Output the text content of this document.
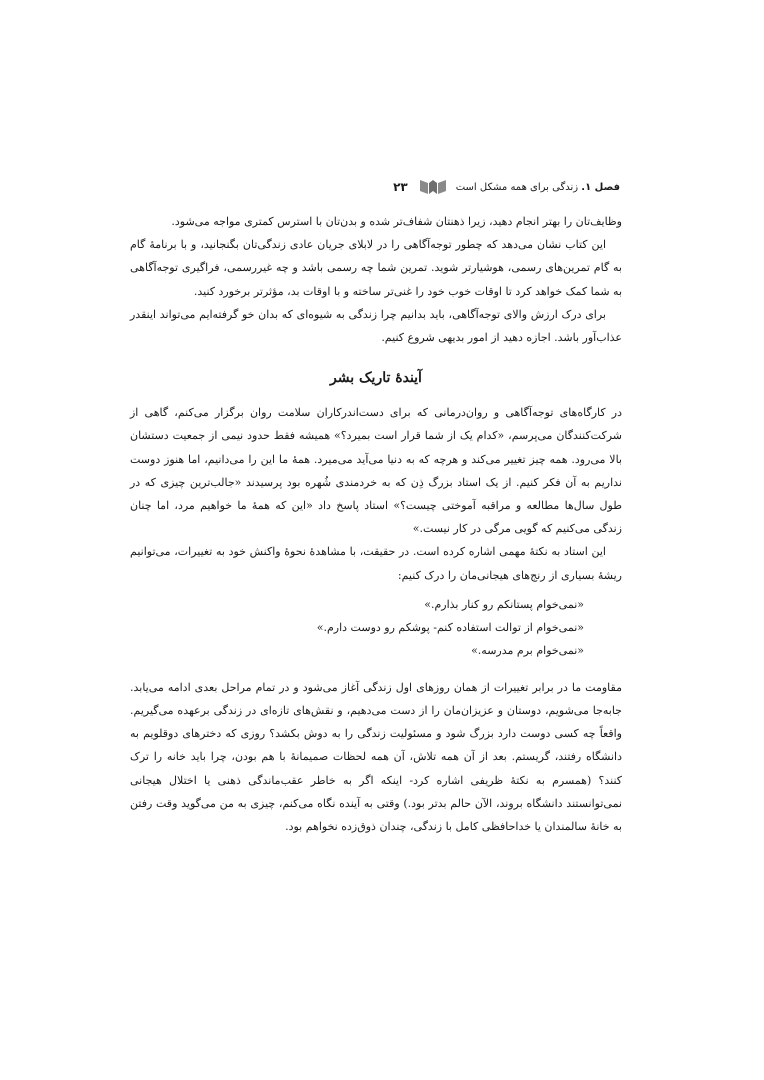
فصل ۱. زندگی برای همه مشکل است
۲۳

وظایف‌تان را بهتر انجام دهید، زیرا ذهنتان شفاف‌تر شده و بدن‌تان با استرس کمتری مواجه می‌شود.

این کتاب نشان می‌دهد که چطور توجه‌آگاهی را در لابلای جریان عادی زندگی‌تان بگنجانید، و با برنامهٔ گام به گام تمرین‌های رسمی، هوشیارتر شوید. تمرین شما چه رسمی باشد و چه غیررسمی، فراگیری توجه‌آگاهی به شما کمک خواهد کرد تا اوقات خوب خود را غنی‌تر ساخته و با اوقات بد، مؤثرتر برخورد کنید.

برای درک ارزش والای توجه‌آگاهی، باید بدانیم چرا زندگی به شیوه‌ای که بدان خو گرفته‌ایم می‌تواند اینقدر عذاب‌آور باشد. اجازه دهید از امور بدیهی شروع کنیم.

آیندهٔ تاریک بشر

در کارگاه‌های توجه‌آگاهی و روان‌درمانی که برای دست‌اندرکاران سلامت روان برگزار می‌کنم، گاهی از شرکت‌کنندگان می‌پرسم، «کدام یک از شما قرار است بمیرد؟» همیشه فقط حدود نیمی از جمعیت دستشان بالا می‌رود. همه چیز تغییر می‌کند و هرچه که به دنیا می‌آید می‌میرد. همهٔ ما این را می‌دانیم، اما هنوز دوست نداریم به آن فکر کنیم. از یک استاد بزرگ ذِن که به خردمندی شُهره بود پرسیدند «جالب‌ترین چیزی که در طول سال‌ها مطالعه و مراقبه آموختی چیست؟» استاد پاسخ داد «این که همهٔ ما خواهیم مرد، اما چنان زندگی می‌کنیم که گویی مرگی در کار نیست.»

این استاد به نکتهٔ مهمی اشاره کرده است. در حقیقت، با مشاهدهٔ نحوهٔ واکنش خود به تغییرات، می‌توانیم ریشهٔ بسیاری از رنج‌های هیجانی‌مان را درک کنیم:

«نمی‌خوام پستانکم رو کنار بذارم.»
«نمی‌خوام از توالت استفاده کنم- پوشکم رو دوست دارم.»
«نمی‌خوام برم مدرسه.»

مقاومت ما در برابر تغییرات از همان روزهای اول زندگی آغاز می‌شود و در تمام مراحل بعدی ادامه می‌یابد. جابه‌جا می‌شویم، دوستان و عزیزان‌مان را از دست می‌دهیم، و نقش‌های تازه‌ای در زندگی برعهده می‌گیریم. واقعاً چه کسی دوست دارد بزرگ شود و مسئولیت زندگی را به دوش بکشد؟ روزی که دخترهای دوقلویم به دانشگاه رفتند، گریستم. بعد از آن همه تلاش، آن همه لحظات صمیمانهٔ با هم بودن، چرا باید خانه را ترک کنند؟ (همسرم به نکتهٔ ظریفی اشاره کرد- اینکه اگر به خاطر عقب‌ماندگی ذهنی یا اختلال هیجانی نمی‌توانستند دانشگاه بروند، الآن حالم بدتر بود.) وقتی به آینده نگاه می‌کنم، چیزی به من می‌گوید وقت رفتن به خانهٔ سالمندان یا خداحافظی کامل با زندگی، چندان ذوق‌زده نخواهم بود.
